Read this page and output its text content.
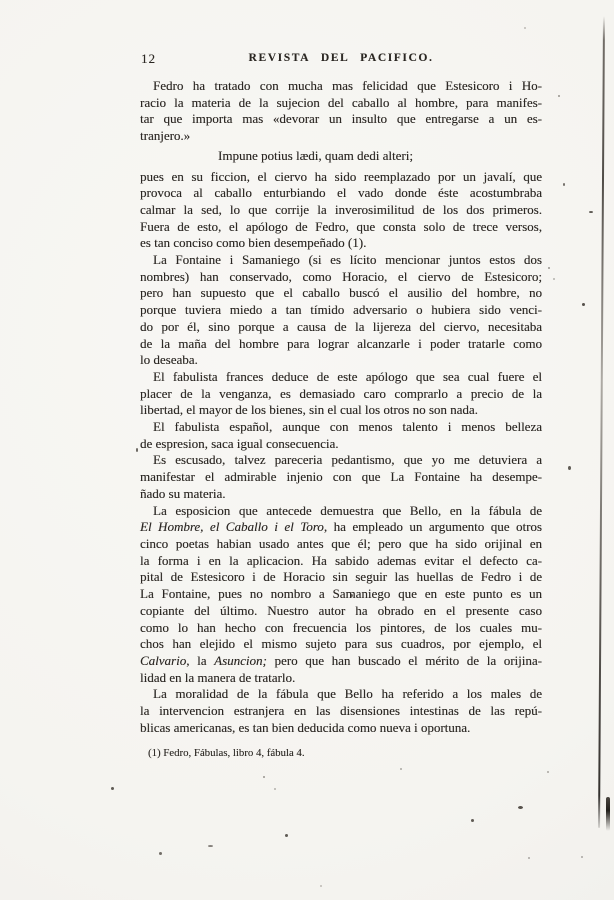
12	REVISTA DEL PACIFICO.
Fedro ha tratado con mucha mas felicidad que Estesicoro i Ho-
racio la materia de la sujecion del caballo al hombre, para manifes-
tar que importa mas «devorar un insulto que entregarse a un es-
tranjero.»
Impune potius lædi, quam dedi alteri;
pues en su ficcion, el ciervo ha sido reemplazado por un javalí, que
provoca al caballo enturbiando el vado donde éste acostumbraba
calmar la sed, lo que corrije la inverosimilitud de los dos primeros.
Fuera de esto, el apólogo de Fedro, que consta solo de trece versos,
es tan conciso como bien desempeñado (1).
La Fontaine i Samaniego (si es lícito mencionar juntos estos dos
nombres) han conservado, como Horacio, el ciervo de Estesicoro;
pero han supuesto que el caballo buscó el ausilio del hombre, no
porque tuviera miedo a tan tímido adversario o hubiera sido venci-
do por él, sino porque a causa de la lijereza del ciervo, necesitaba
de la maña del hombre para lograr alcanzarle i poder tratarle como
lo deseaba.
El fabulista frances deduce de este apólogo que sea cual fuere el
placer de la venganza, es demasiado caro comprarlo a precio de la
libertad, el mayor de los bienes, sin el cual los otros no son nada.
El fabulista español, aunque con menos talento i menos belleza
de espresion, saca igual consecuencia.
Es escusado, talvez pareceria pedantismo, que yo me detuviera a
manifestar el admirable injenio con que La Fontaine ha desempe-
ñado su materia.
La esposicion que antecede demuestra que Bello, en la fábula de
El Hombre, el Caballo i el Toro, ha empleado un argumento que otros
cinco poetas habian usado antes que él; pero que ha sido orijinal en
la forma i en la aplicacion. Ha sabido ademas evitar el defecto ca-
pital de Estesicoro i de Horacio sin seguir las huellas de Fedro i de
La Fontaine, pues no nombro a Samaniego que en este punto es un
copiante del último. Nuestro autor ha obrado en el presente caso
como lo han hecho con frecuencia los pintores, de los cuales mu-
chos han elejido el mismo sujeto para sus cuadros, por ejemplo, el
Calvario, la Asuncion; pero que han buscado el mérito de la orijina-
lidad en la manera de tratarlo.
La moralidad de la fábula que Bello ha referido a los males de
la intervencion estranjera en las disensiones intestinas de las repú-
blicas americanas, es tan bien deducida como nueva i oportuna.
(1) Fedro, Fábulas, libro 4, fábula 4.
